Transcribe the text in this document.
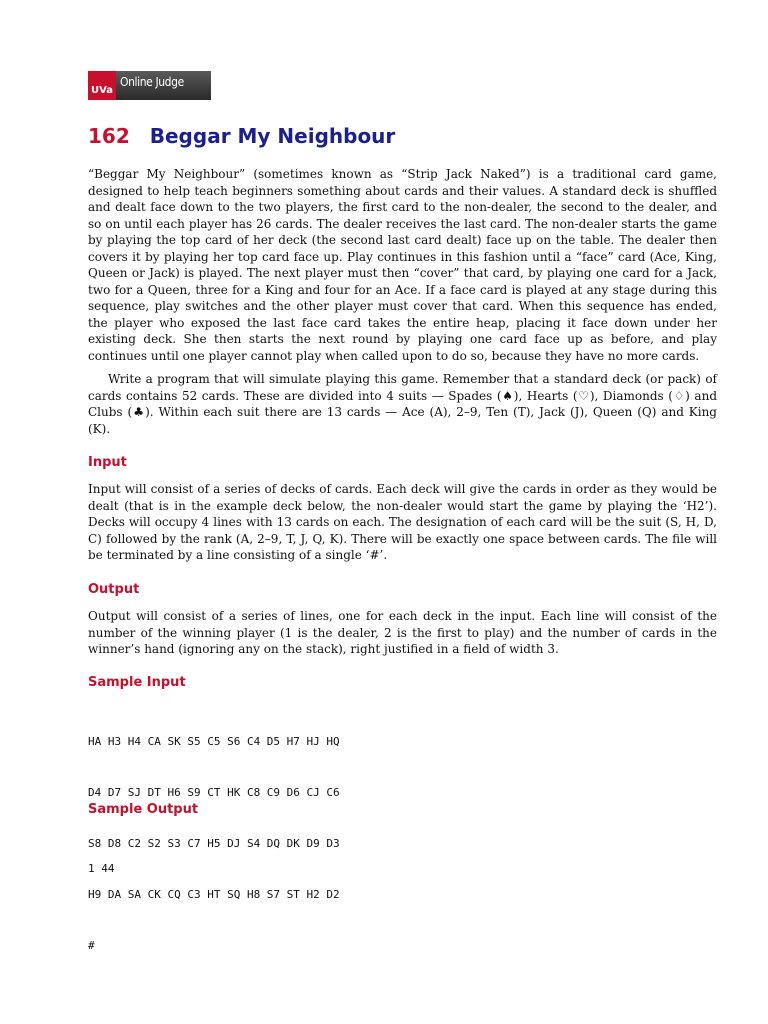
UVa
Online Judge
162 Beggar My Neighbour

“Beggar My Neighbour” (sometimes known as “Strip Jack Naked”) is a traditional card game, designed to help teach beginners something about cards and their values. A standard deck is shuffled and dealt face down to the two players, the first card to the non-dealer, the second to the dealer, and so on until each player has 26 cards. The dealer receives the last card. The non-dealer starts the game by playing the top card of her deck (the second last card dealt) face up on the table. The dealer then covers it by playing her top card face up. Play continues in this fashion until a “face” card (Ace, King, Queen or Jack) is played. The next player must then “cover” that card, by playing one card for a Jack, two for a Queen, three for a King and four for an Ace. If a face card is played at any stage during this sequence, play switches and the other player must cover that card. When this sequence has ended, the player who exposed the last face card takes the entire heap, placing it face down under her existing deck. She then starts the next round by playing one card face up as before, and play continues until one player cannot play when called upon to do so, because they have no more cards.

Write a program that will simulate playing this game. Remember that a standard deck (or pack) of cards contains 52 cards. These are divided into 4 suits — Spades (♠), Hearts (♡), Diamonds (♢) and Clubs (♣). Within each suit there are 13 cards — Ace (A), 2–9, Ten (T), Jack (J), Queen (Q) and King (K).

Input

Input will consist of a series of decks of cards. Each deck will give the cards in order as they would be dealt (that is in the example deck below, the non-dealer would start the game by playing the ‘H2’). Decks will occupy 4 lines with 13 cards on each. The designation of each card will be the suit (S, H, D, C) followed by the rank (A, 2–9, T, J, Q, K). There will be exactly one space between cards. The file will be terminated by a line consisting of a single ‘#’.

Output

Output will consist of a series of lines, one for each deck in the input. Each line will consist of the number of the winning player (1 is the dealer, 2 is the first to play) and the number of cards in the winner’s hand (ignoring any on the stack), right justified in a field of width 3.

Sample Input

HA H3 H4 CA SK S5 C5 S6 C4 D5 H7 HJ HQ

D4 D7 SJ DT H6 S9 CT HK C8 C9 D6 CJ C6

S8 D8 C2 S2 S3 C7 H5 DJ S4 DQ DK D9 D3

H9 DA SA CK CQ C3 HT SQ H8 S7 ST H2 D2

#

Sample Output

1 44
